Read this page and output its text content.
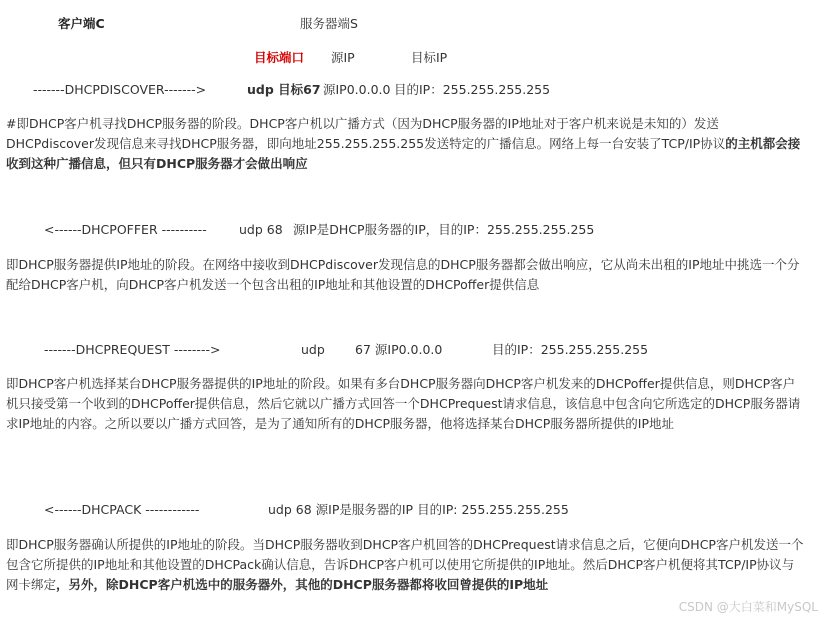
客户端C	服务器端S
目标端口 源IP	目标IP
-------DHCPDISCOVER------->	udp 目标67 源IP0.0.0.0 目的IP：255.255.255.255
#即DHCP客户机寻找DHCP服务器的阶段。DHCP客户机以广播方式（因为DHCP服务器的IP地址对于客户机来说是未知的）发送DHCPdiscover发现信息来寻找DHCP服务器，即向地址255.255.255.255发送特定的广播信息。网络上每一台安装了TCP/IP协议的主机都会接收到这种广播信息，但只有DHCP服务器才会做出响应
<------DHCPOFFER ----------	udp 68 源IP是DHCP服务器的IP，目的IP：255.255.255.255
即DHCP服务器提供IP地址的阶段。在网络中接收到DHCPdiscover发现信息的DHCP服务器都会做出响应，它从尚未出租的IP地址中挑选一个分配给DHCP客户机，向DHCP客户机发送一个包含出租的IP地址和其他设置的DHCPoffer提供信息
-------DHCPREQUEST -------->	udp 67 源IP0.0.0.0	目的IP：255.255.255.255
即DHCP客户机选择某台DHCP服务器提供的IP地址的阶段。如果有多台DHCP服务器向DHCP客户机发来的DHCPoffer提供信息，则DHCP客户机只接受第一个收到的DHCPoffer提供信息，然后它就以广播方式回答一个DHCPrequest请求信息，该信息中包含向它所选定的DHCP服务器请求IP地址的内容。之所以要以广播方式回答，是为了通知所有的DHCP服务器，他将选择某台DHCP服务器所提供的IP地址
<------DHCPACK ------------	udp 68 源IP是服务器的IP 目的IP: 255.255.255.255
即DHCP服务器确认所提供的IP地址的阶段。当DHCP服务器收到DHCP客户机回答的DHCPrequest请求信息之后，它便向DHCP客户机发送一个包含它所提供的IP地址和其他设置的DHCPack确认信息，告诉DHCP客户机可以使用它所提供的IP地址。然后DHCP客户机便将其TCP/IP协议与网卡绑定，另外，除DHCP客户机选中的服务器外，其他的DHCP服务器都将收回曾提供的IP地址
CSDN @大白菜和MySQL
